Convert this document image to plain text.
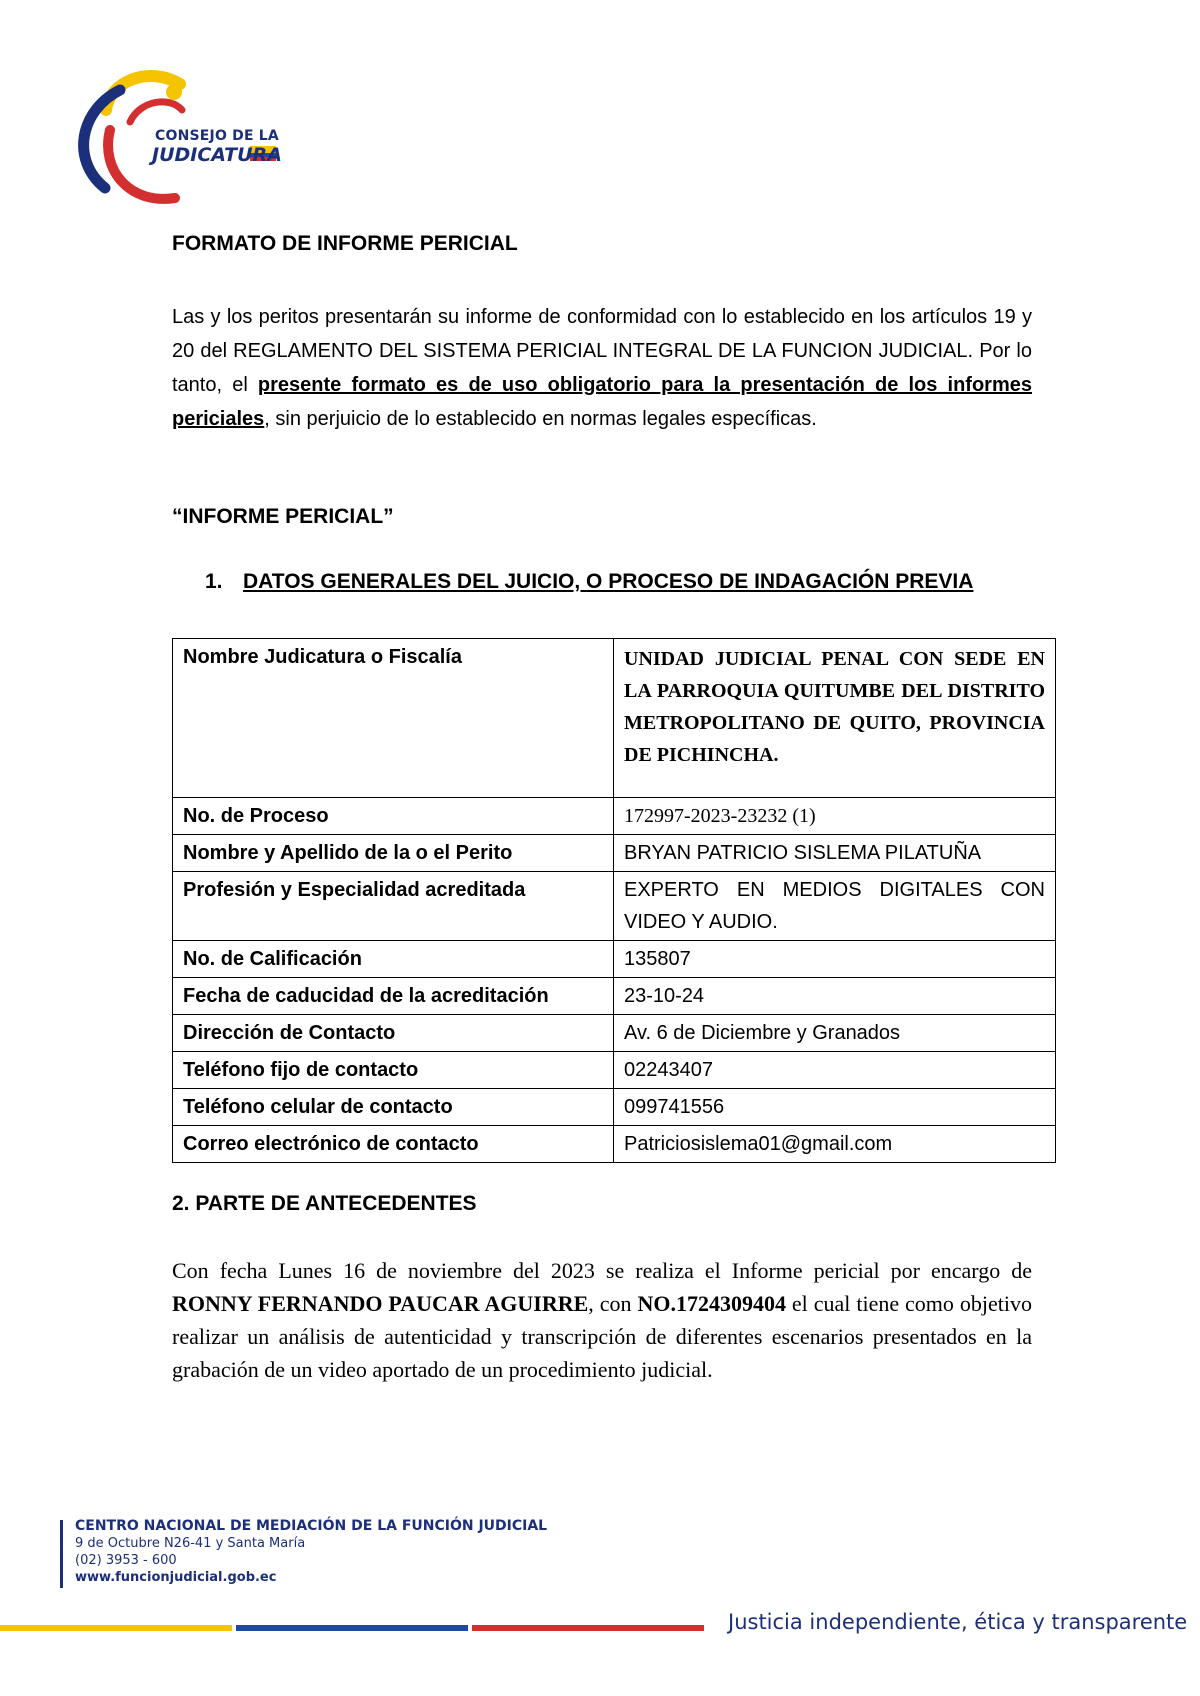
CONSEJO DE LA
JUDICATURA
FORMATO DE INFORME PERICIAL
Las y los peritos presentarán su informe de conformidad con lo establecido en los artículos 19 y 20 del REGLAMENTO DEL SISTEMA PERICIAL INTEGRAL DE LA FUNCION JUDICIAL. Por lo tanto, el presente formato es de uso obligatorio para la presentación de los informes periciales, sin perjuicio de lo establecido en normas legales específicas.
“INFORME PERICIAL”
1. DATOS GENERALES DEL JUICIO, O PROCESO DE INDAGACIÓN PREVIA
Nombre Judicatura o Fiscalía	UNIDAD JUDICIAL PENAL CON SEDE EN LA PARROQUIA QUITUMBE DEL DISTRITO METROPOLITANO DE QUITO, PROVINCIA DE PICHINCHA.
No. de Proceso	172997-2023-23232 (1)
Nombre y Apellido de la o el Perito	BRYAN PATRICIO SISLEMA PILATUÑA
Profesión y Especialidad acreditada	EXPERTO EN MEDIOS DIGITALES CON VIDEO Y AUDIO.
No. de Calificación	135807
Fecha de caducidad de la acreditación	23-10-24
Dirección de Contacto	Av. 6 de Diciembre y Granados
Teléfono fijo de contacto	02243407
Teléfono celular de contacto	099741556
Correo electrónico de contacto	Patriciosislema01@gmail.com
2. PARTE DE ANTECEDENTES
Con fecha Lunes 16 de noviembre del 2023 se realiza el Informe pericial por encargo de RONNY FERNANDO PAUCAR AGUIRRE, con NO.1724309404 el cual tiene como objetivo realizar un análisis de autenticidad y transcripción de diferentes escenarios presentados en la grabación de un video aportado de un procedimiento judicial.
CENTRO NACIONAL DE MEDIACIÓN DE LA FUNCIÓN JUDICIAL
9 de Octubre N26-41 y Santa María
(02) 3953 - 600
www.funcionjudicial.gob.ec
Justicia independiente, ética y transparente
